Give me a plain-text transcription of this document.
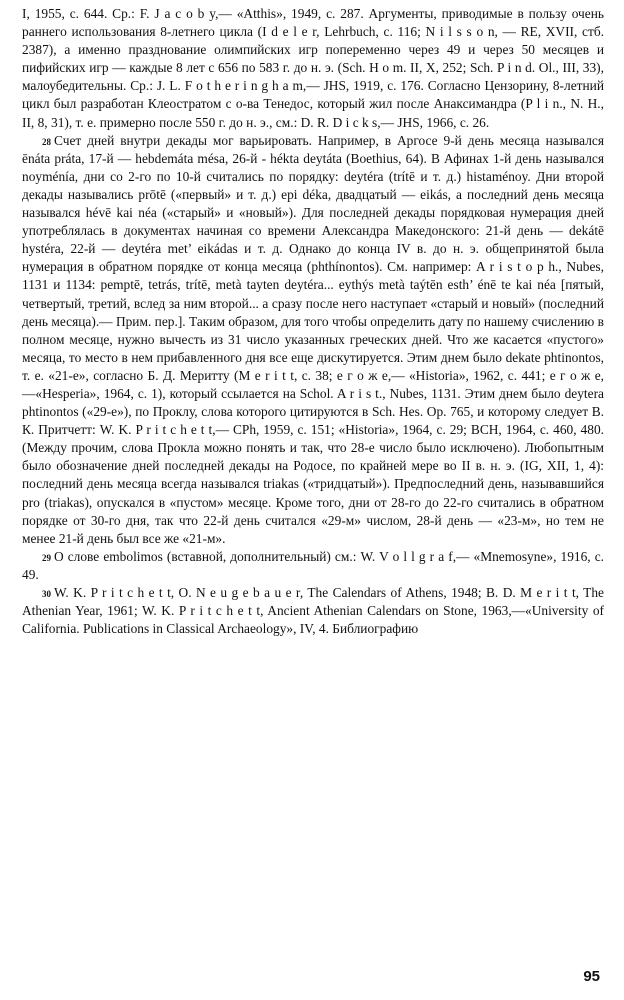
I, 1955, с. 644. Ср.: F. J a c o b y,— «Atthis», 1949, с. 287. Аргументы, приводимые в пользу очень раннего использования 8-летнего цикла (I d e l e r, Lehrbuch, с. 116; N i l s s o n, — RE, XVII, стб. 2387), а именно празднование олимпийских игр попеременно через 49 и через 50 месяцев и пифийских игр — каждые 8 лет с 656 по 583 г. до н. э. (Sch. H o m. II, X, 252; Sch. P i n d. Ol., III, 33), малоубедительны. Ср.: J. L. F o t h e r i n g h a m,— JHS, 1919, с. 176. Согласно Цензорину, 8-летний цикл был разработан Клеостратом с о-ва Тенедос, который жил после Анаксимандра (P l i n., N. H., II, 8, 31), т. е. примерно после 550 г. до н. э., см.: D. R. D i c k s,— JHS, 1966, с. 26.

$^{28}$ Счет дней внутри декады мог варьировать. Например, в Аргосе 9-й день месяца назывался ēnáta práta, 17-й — hebdemáta mésa, 26-й - hékta deytáta (Boethius, 64). В Афинах 1-й день назывался noyménía, дни со 2-го по 10-й считались по порядку: deytéra (trítē и т. д.) histaménoy. Дни второй декады назывались prōtē («первый» и т. д.) epi déka, двадцатый — eikás, а последний день месяца назывался hévē kai néa («старый» и «новый»). Для последней декады порядковая нумерация дней употреблялась в документах начиная со времени Александра Македонского: 21-й день — dekátē hystéra, 22-й — deytéra met’ eikádas и т. д. Однако до конца IV в. до н. э. общепринятой была нумерация в обратном порядке от конца месяца (phthínontos). См. например: A r i s t o p h., Nubes, 1131 и 1134: pemptē, tetrás, trítē, metà tayten deytéra... eythýs metà taýtēn esth’ énē te kai néa [пятый, четвертый, третий, вслед за ним второй... а сразу после него наступает «старый и новый» (последний день месяца).— Прим. пер.]. Таким образом, для того чтобы определить дату по нашему счислению в полном месяце, нужно вычесть из 31 число указанных греческих дней. Что же касается «пустого» месяца, то место в нем прибавленного дня все еще дискутируется. Этим днем было dekate phtinontos, т. е. «21-е», согласно Б. Д. Меритту (M e r i t t, с. 38; е г о ж е,— «Historia», 1962, с. 441; е г о ж е,—«Hesperia», 1964, с. 1), который ссылается на Schol. A r i s t., Nubes, 1131. Этим днем было deytera phtinontos («29-е»), по Проклу, слова которого цитируются в Sch. Hes. Op. 765, и которому следует В. К. Притчетт: W. K. P r i t c h e t t,— CPh, 1959, с. 151; «Historia», 1964, с. 29; BCH, 1964, с. 460, 480. (Между прочим, слова Прокла можно понять и так, что 28-е число было исключено). Любопытным было обозначение дней последней декады на Родосе, по крайней мере во II в. н. э. (IG, XII, 1, 4): последний день месяца всегда назывался triakas («тридцатый»). Предпоследний день, называвшийся pro (triakas), опускался в «пустом» месяце. Кроме того, дни от 28-го до 22-го считались в обратном порядке от 30-го дня, так что 22-й день считался «29-м» числом, 28-й день — «23-м», но тем не менее 21-й день был все же «21-м».

$^{29}$ О слове embolimos (вставной, дополнительный) см.: W. V o l l g r a f,— «Mnemosyne», 1916, с. 49.

$^{30}$ W. K. P r i t c h e t t, O. N e u g e b a u e r, The Calendars of Athens, 1948; B. D. M e r i t t, The Athenian Year, 1961; W. K. P r i t c h e t t, Ancient Athenian Calendars on Stone, 1963,—«University of California. Publications in Classical Archaeology», IV, 4. Библиографию

95
